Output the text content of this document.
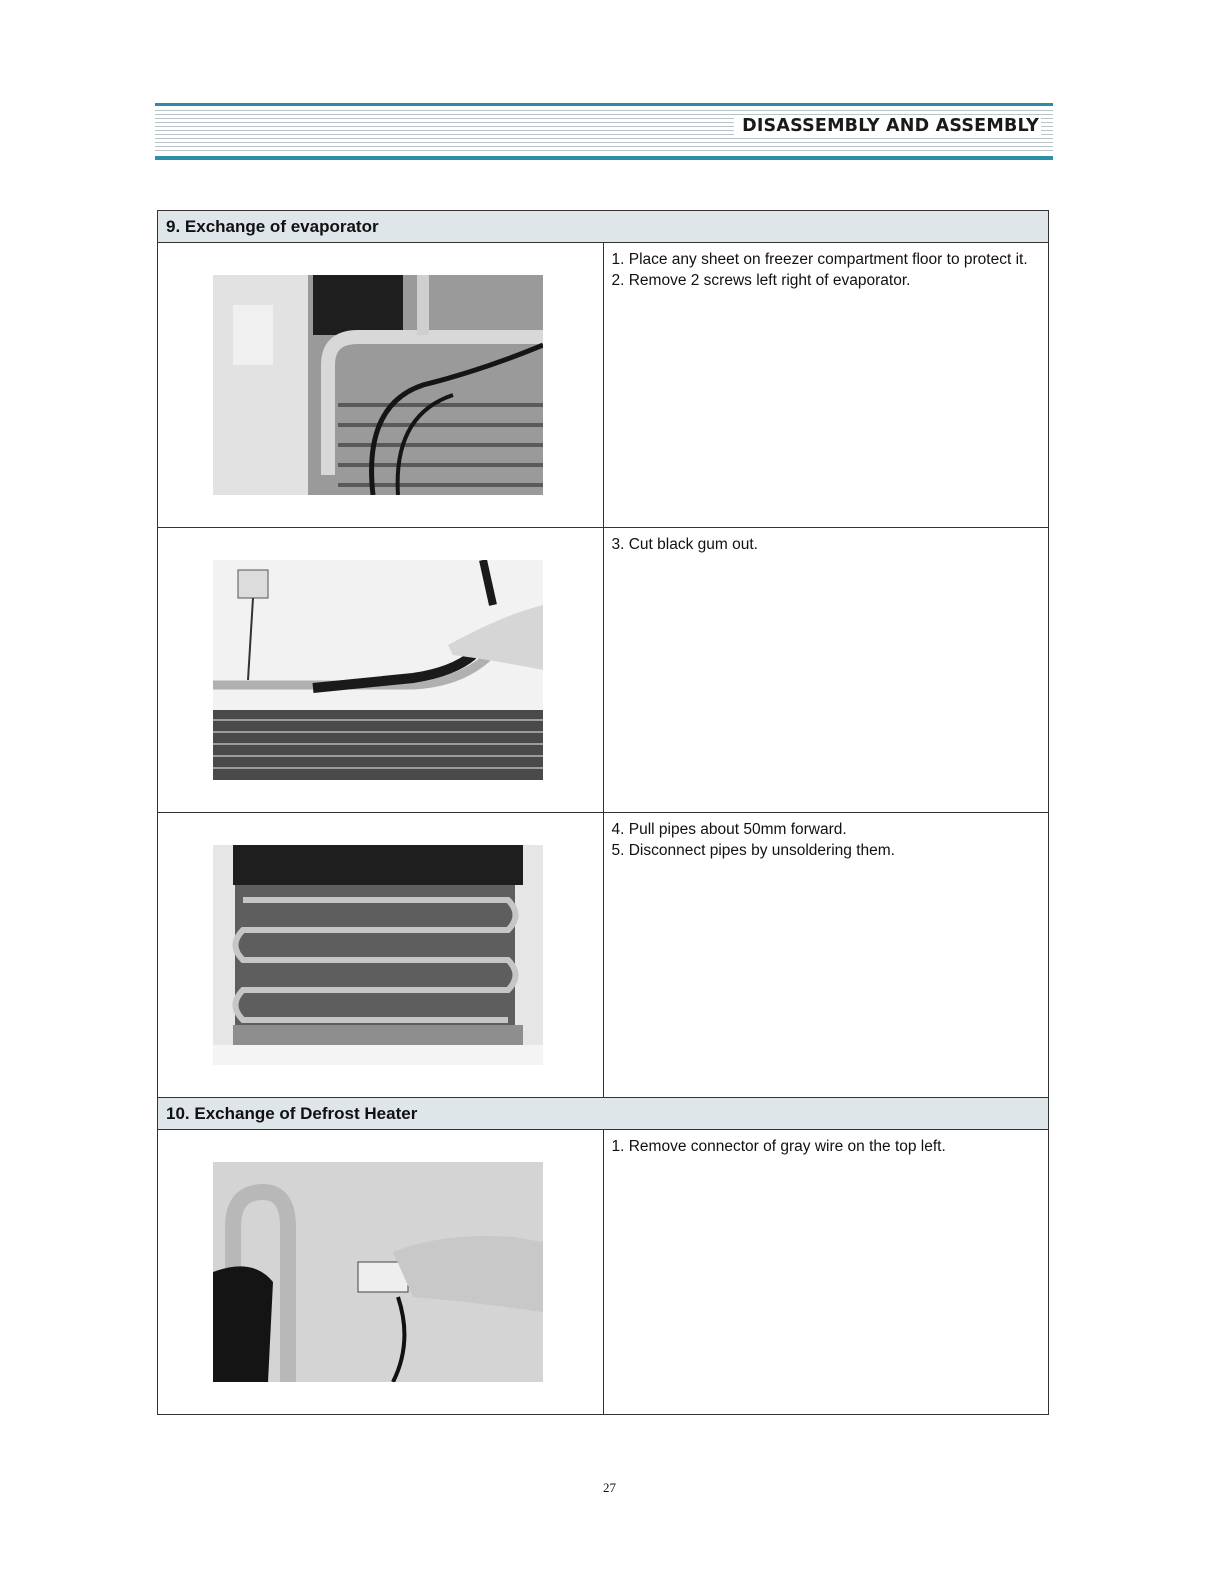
DISASSEMBLY AND ASSEMBLY
9. Exchange of evaporator	

1. Place any sheet on freezer compartment floor to protect it.

2. Remove 2 screws left right of evaporator.

3. Cut black gum out.

4. Pull pipes about 50mm forward.

5. Disconnect pipes by unsoldering them.

10. Exchange of Defrost Heater	

1. Remove connector of gray wire on the top left.

27
